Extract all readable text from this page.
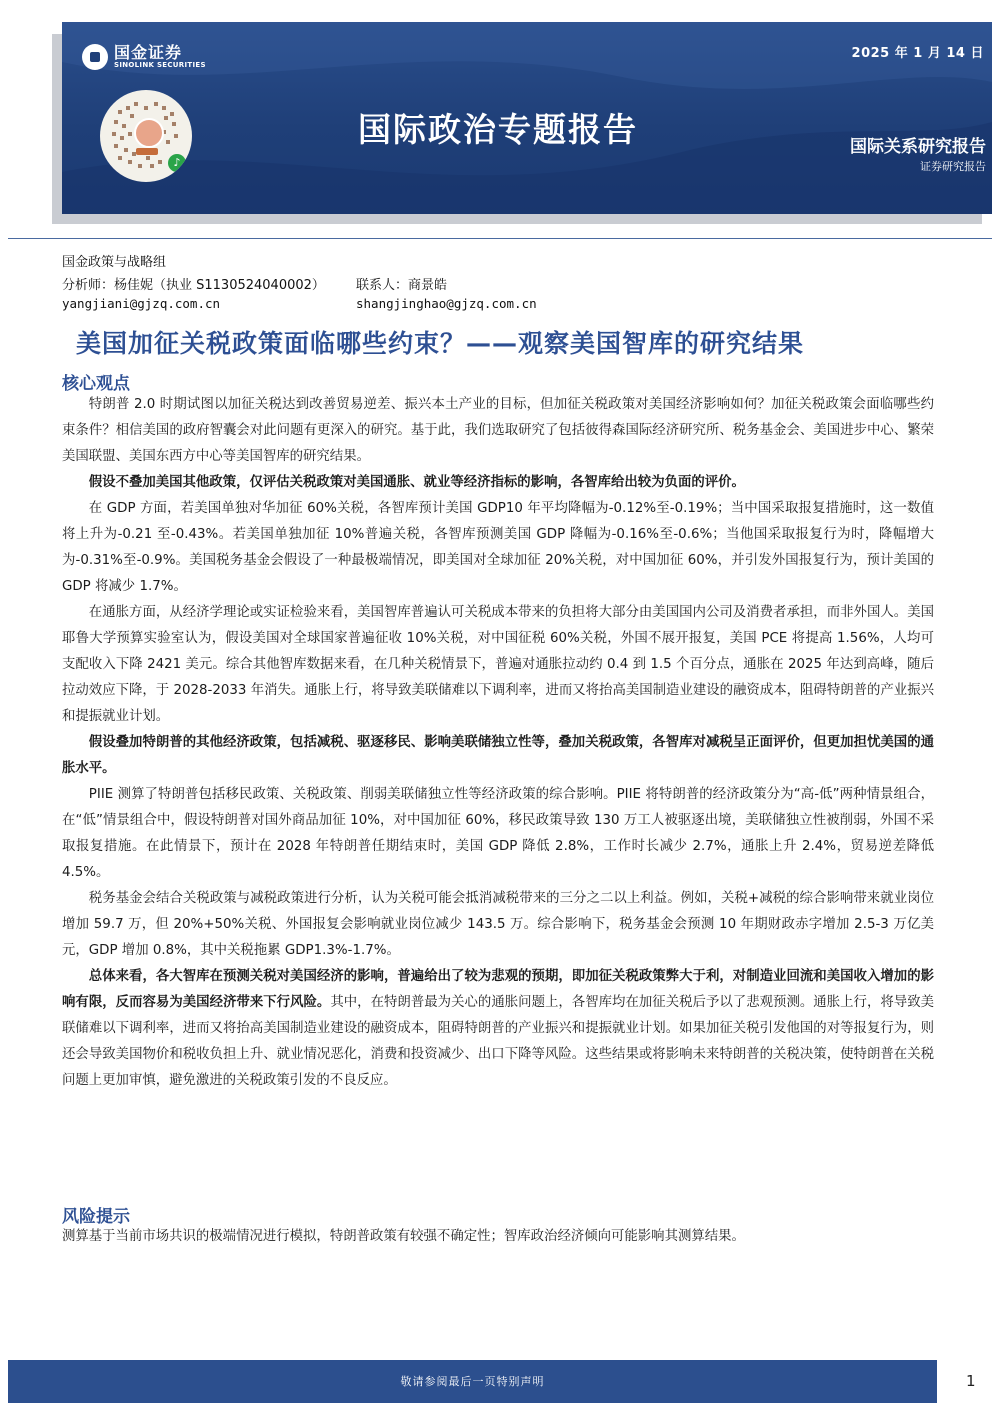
国金证券
SINOLINK SECURITIES
♪
2025 年 1 月 14 日
国际政治专题报告	国际关系研究报告
证券研究报告
国金政策与战略组
分析师：杨佳妮（执业 S1130524040002）
yangjiani@gjzq.com.cn
联系人：商景皓
shangjinghao@gjzq.com.cn
美国加征关税政策面临哪些约束？——观察美国智库的研究结果
核心观点

特朗普 2.0 时期试图以加征关税达到改善贸易逆差、振兴本土产业的目标，但加征关税政策对美国经济影响如何？加征关税政策会面临哪些约束条件？相信美国的政府智囊会对此问题有更深入的研究。基于此，我们选取研究了包括彼得森国际经济研究所、税务基金会、美国进步中心、繁荣美国联盟、美国东西方中心等美国智库的研究结果。

假设不叠加美国其他政策，仅评估关税政策对美国通胀、就业等经济指标的影响，各智库给出较为负面的评价。

在 GDP 方面，若美国单独对华加征 60%关税，各智库预计美国 GDP10 年平均降幅为-0.12%至-0.19%；当中国采取报复措施时，这一数值将上升为-0.21 至-0.43%。若美国单独加征 10%普遍关税，各智库预测美国 GDP 降幅为-0.16%至-0.6%；当他国采取报复行为时，降幅增大为-0.31%至-0.9%。美国税务基金会假设了一种最极端情况，即美国对全球加征 20%关税，对中国加征 60%，并引发外国报复行为，预计美国的 GDP 将减少 1.7%。

在通胀方面，从经济学理论或实证检验来看，美国智库普遍认可关税成本带来的负担将大部分由美国国内公司及消费者承担，而非外国人。美国耶鲁大学预算实验室认为，假设美国对全球国家普遍征收 10%关税，对中国征税 60%关税，外国不展开报复，美国 PCE 将提高 1.56%，人均可支配收入下降 2421 美元。综合其他智库数据来看，在几种关税情景下，普遍对通胀拉动约 0.4 到 1.5 个百分点，通胀在 2025 年达到高峰，随后拉动效应下降，于 2028-2033 年消失。通胀上行，将导致美联储难以下调利率，进而又将抬高美国制造业建设的融资成本，阻碍特朗普的产业振兴和提振就业计划。

假设叠加特朗普的其他经济政策，包括减税、驱逐移民、影响美联储独立性等，叠加关税政策，各智库对减税呈正面评价，但更加担忧美国的通胀水平。

PIIE 测算了特朗普包括移民政策、关税政策、削弱美联储独立性等经济政策的综合影响。PIIE 将特朗普的经济政策分为“高-低”两种情景组合，在“低”情景组合中，假设特朗普对国外商品加征 10%，对中国加征 60%，移民政策导致 130 万工人被驱逐出境，美联储独立性被削弱，外国不采取报复措施。在此情景下，预计在 2028 年特朗普任期结束时，美国 GDP 降低 2.8%，工作时长减少 2.7%，通胀上升 2.4%，贸易逆差降低 4.5%。

税务基金会结合关税政策与减税政策进行分析，认为关税可能会抵消减税带来的三分之二以上利益。例如，关税+减税的综合影响带来就业岗位增加 59.7 万，但 20%+50%关税、外国报复会影响就业岗位减少 143.5 万。综合影响下，税务基金会预测 10 年期财政赤字增加 2.5-3 万亿美元，GDP 增加 0.8%，其中关税拖累 GDP1.3%-1.7%。

总体来看，各大智库在预测关税对美国经济的影响，普遍给出了较为悲观的预期，即加征关税政策弊大于利，对制造业回流和美国收入增加的影响有限，反而容易为美国经济带来下行风险。其中，在特朗普最为关心的通胀问题上，各智库均在加征关税后予以了悲观预测。通胀上行，将导致美联储难以下调利率，进而又将抬高美国制造业建设的融资成本，阻碍特朗普的产业振兴和提振就业计划。如果加征关税引发他国的对等报复行为，则还会导致美国物价和税收负担上升、就业情况恶化，消费和投资减少、出口下降等风险。这些结果或将影响未来特朗普的关税决策，使特朗普在关税问题上更加审慎，避免激进的关税政策引发的不良反应。

风险提示
测算基于当前市场共识的极端情况进行模拟，特朗普政策有较强不确定性；智库政治经济倾向可能影响其测算结果。
敬请参阅最后一页特别声明	1
